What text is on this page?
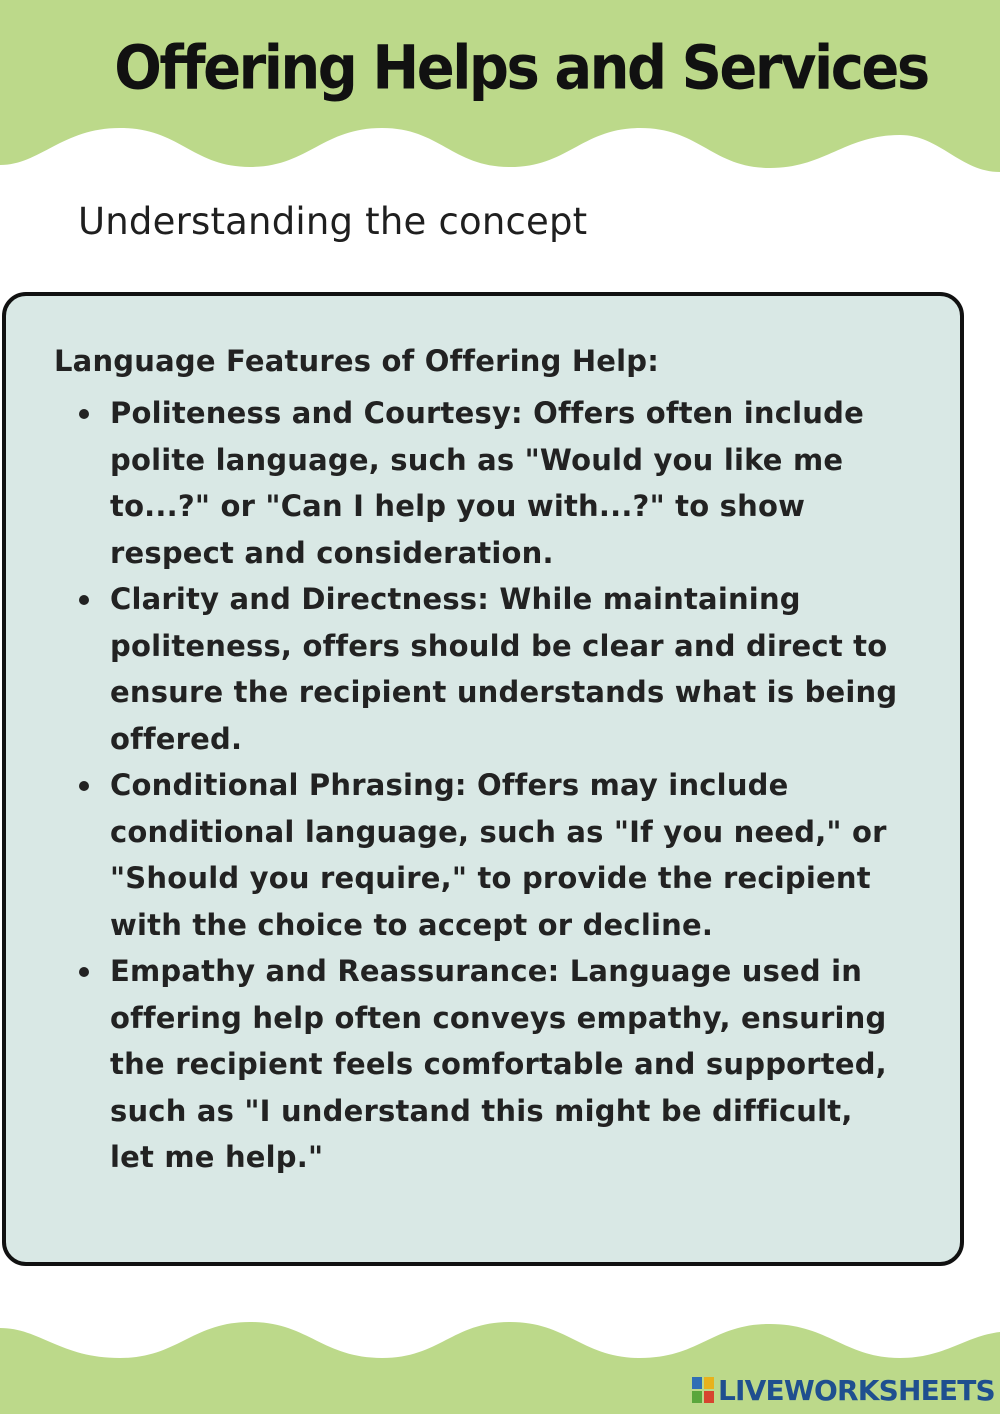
Offering Helps and Services
Understanding the concept
Language Features of Offering Help:
Politeness and Courtesy: Offers often include polite language, such as "Would you like me to...?" or "Can I help you with...?" to show respect and consideration.
Clarity and Directness: While maintaining politeness, offers should be clear and direct to ensure the recipient understands what is being offered.
Conditional Phrasing: Offers may include conditional language, such as "If you need," or "Should you require," to provide the recipient with the choice to accept or decline.
Empathy and Reassurance: Language used in offering help often conveys empathy, ensuring the recipient feels comfortable and supported, such as "I understand this might be difficult, let me help."
LIVEWORKSHEETS
